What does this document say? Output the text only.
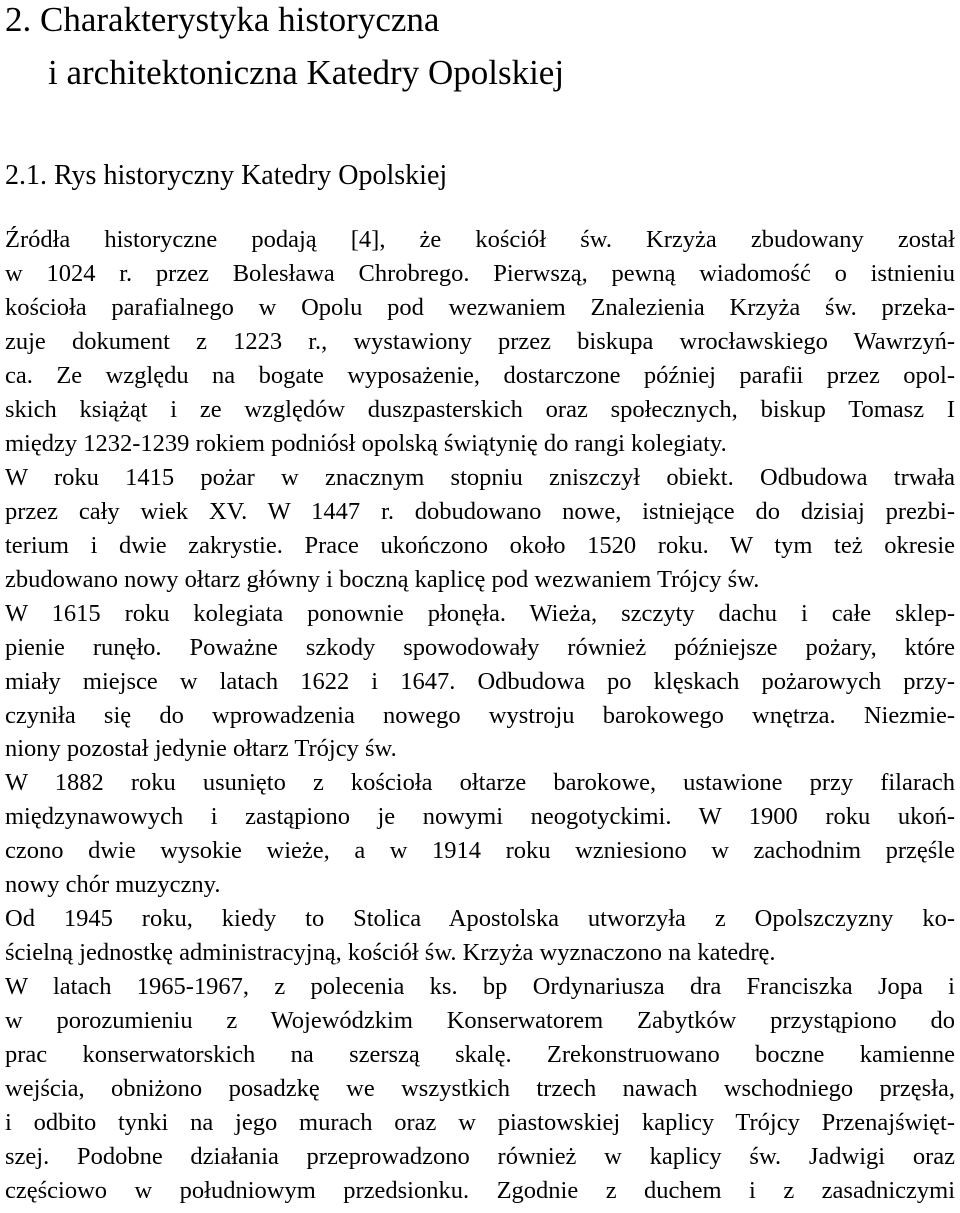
2. Charakterystyka historyczna
i architektoniczna Katedry Opolskiej
2.1. Rys historyczny Katedry Opolskiej
Źródła historyczne podają [4], że kościół św. Krzyża zbudowany został
w 1024 r. przez Bolesława Chrobrego. Pierwszą, pewną wiadomość o istnieniu
kościoła parafialnego w Opolu pod wezwaniem Znalezienia Krzyża św. przeka-
zuje dokument z 1223 r., wystawiony przez biskupa wrocławskiego Wawrzyń-
ca. Ze względu na bogate wyposażenie, dostarczone później parafii przez opol-
skich książąt i ze względów duszpasterskich oraz społecznych, biskup Tomasz I
między 1232-1239 rokiem podniósł opolską świątynię do rangi kolegiaty.
W roku 1415 pożar w znacznym stopniu zniszczył obiekt. Odbudowa trwała
przez cały wiek XV. W 1447 r. dobudowano nowe, istniejące do dzisiaj prezbi-
terium i dwie zakrystie. Prace ukończono około 1520 roku. W tym też okresie
zbudowano nowy ołtarz główny i boczną kaplicę pod wezwaniem Trójcy św.
W 1615 roku kolegiata ponownie płonęła. Wieża, szczyty dachu i całe sklep-
pienie runęło. Poważne szkody spowodowały również późniejsze pożary, które
miały miejsce w latach 1622 i 1647. Odbudowa po klęskach pożarowych przy-
czyniła się do wprowadzenia nowego wystroju barokowego wnętrza. Niezmie-
niony pozostał jedynie ołtarz Trójcy św.
W 1882 roku usunięto z kościoła ołtarze barokowe, ustawione przy filarach
międzynawowych i zastąpiono je nowymi neogotyckimi. W 1900 roku ukoń-
czono dwie wysokie wieże, a w 1914 roku wzniesiono w zachodnim przęśle
nowy chór muzyczny.
Od 1945 roku, kiedy to Stolica Apostolska utworzyła z Opolszczyzny ko-
ścielną jednostkę administracyjną, kościół św. Krzyża wyznaczono na katedrę.
W latach 1965-1967, z polecenia ks. bp Ordynariusza dra Franciszka Jopa i
w porozumieniu z Wojewódzkim Konserwatorem Zabytków przystąpiono do
prac konserwatorskich na szerszą skalę. Zrekonstruowano boczne kamienne
wejścia, obniżono posadzkę we wszystkich trzech nawach wschodniego przęsła,
i odbito tynki na jego murach oraz w piastowskiej kaplicy Trójcy Przenajświęt-
szej. Podobne działania przeprowadzono również w kaplicy św. Jadwigi oraz
częściowo w południowym przedsionku. Zgodnie z duchem i z zasadniczymi
